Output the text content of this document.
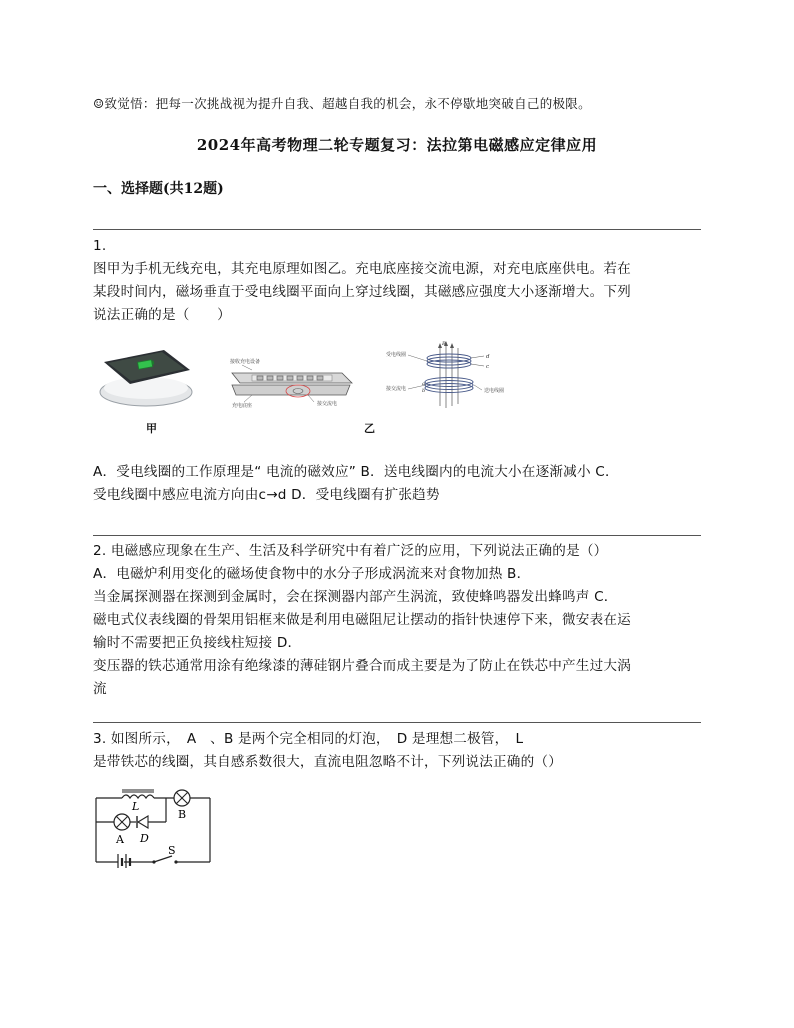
☺致觉悟：把每一次挑战视为提升自我、超越自我的机会，永不停歇地突破自己的极限。
2024年高考物理二轮专题复习：法拉第电磁感应定律应用
一、选择题(共12题)

1.

图甲为手机无线充电，其充电原理如图乙。充电底座接交流电源，对充电底座供电。若在

某段时间内，磁场垂直于受电线圈平面向上穿过线圈，其磁感应强度大小逐渐增大。下列

说法正确的是（　　）

甲
接收充电设备
充电底座	接交流电
乙
受电线圈
接交流电	送电线圈
d
c
B
a
b

A．受电线圈的工作原理是“ 电流的磁效应” B．送电线圈内的电流大小在逐渐减小 C．

受电线圈中感应电流方向由c→d D．受电线圈有扩张趋势

2. 电磁感应现象在生产、生活及科学研究中有着广泛的应用，下列说法正确的是（）

A．电磁炉利用变化的磁场使食物中的水分子形成涡流来对食物加热 B．

当金属探测器在探测到金属时，会在探测器内部产生涡流，致使蜂鸣器发出蜂鸣声 C．

磁电式仪表线圈的骨架用铝框来做是利用电磁阻尼让摆动的指针快速停下来，微安表在运

输时不需要把正负接线柱短接 D．

变压器的铁芯通常用涂有绝缘漆的薄硅钢片叠合而成主要是为了防止在铁芯中产生过大涡

流

3. 如图所示，　A　、B 是两个完全相同的灯泡，　D 是理想二极管，　L

是带铁芯的线圈，其自感系数很大，直流电阻忽略不计，下列说法正确的（）

L
B
A D
S
